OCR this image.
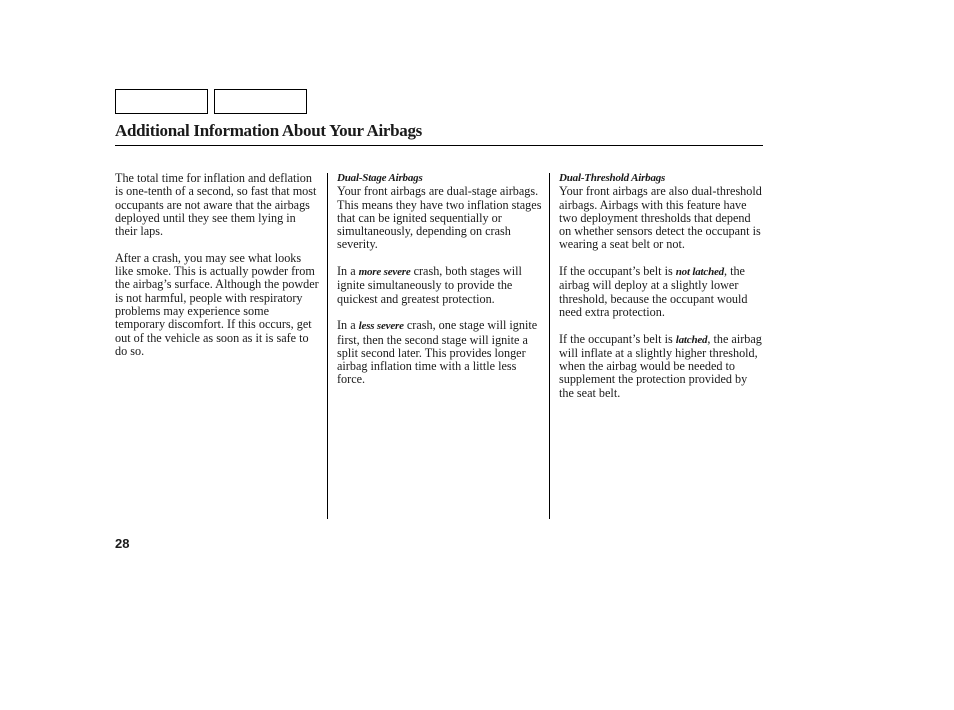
Additional Information About Your Airbags

The total time for inflation and deflation is one-tenth of a second, so fast that most occupants are not aware that the airbags deployed until they see them lying in their laps.

After a crash, you may see what looks like smoke. This is actually powder from the airbag’s surface. Although the powder is not harmful, people with respiratory problems may experience some temporary discomfort. If this occurs, get out of the vehicle as soon as it is safe to do so.

Dual-Stage Airbags

Your front airbags are dual-stage airbags. This means they have two inflation stages that can be ignited sequentially or simultaneously, depending on crash severity.

In a more severe crash, both stages will ignite simultaneously to provide the quickest and greatest protection.

In a less severe crash, one stage will ignite first, then the second stage will ignite a split second later. This provides longer airbag inflation time with a little less force.

Dual-Threshold Airbags

Your front airbags are also dual-threshold airbags. Airbags with this feature have two deployment thresholds that depend on whether sensors detect the occupant is wearing a seat belt or not.

If the occupant’s belt is not latched, the airbag will deploy at a slightly lower threshold, because the occupant would need extra protection.

If the occupant’s belt is latched, the airbag will inflate at a slightly higher threshold, when the airbag would be needed to supplement the protection provided by the seat belt.

28
